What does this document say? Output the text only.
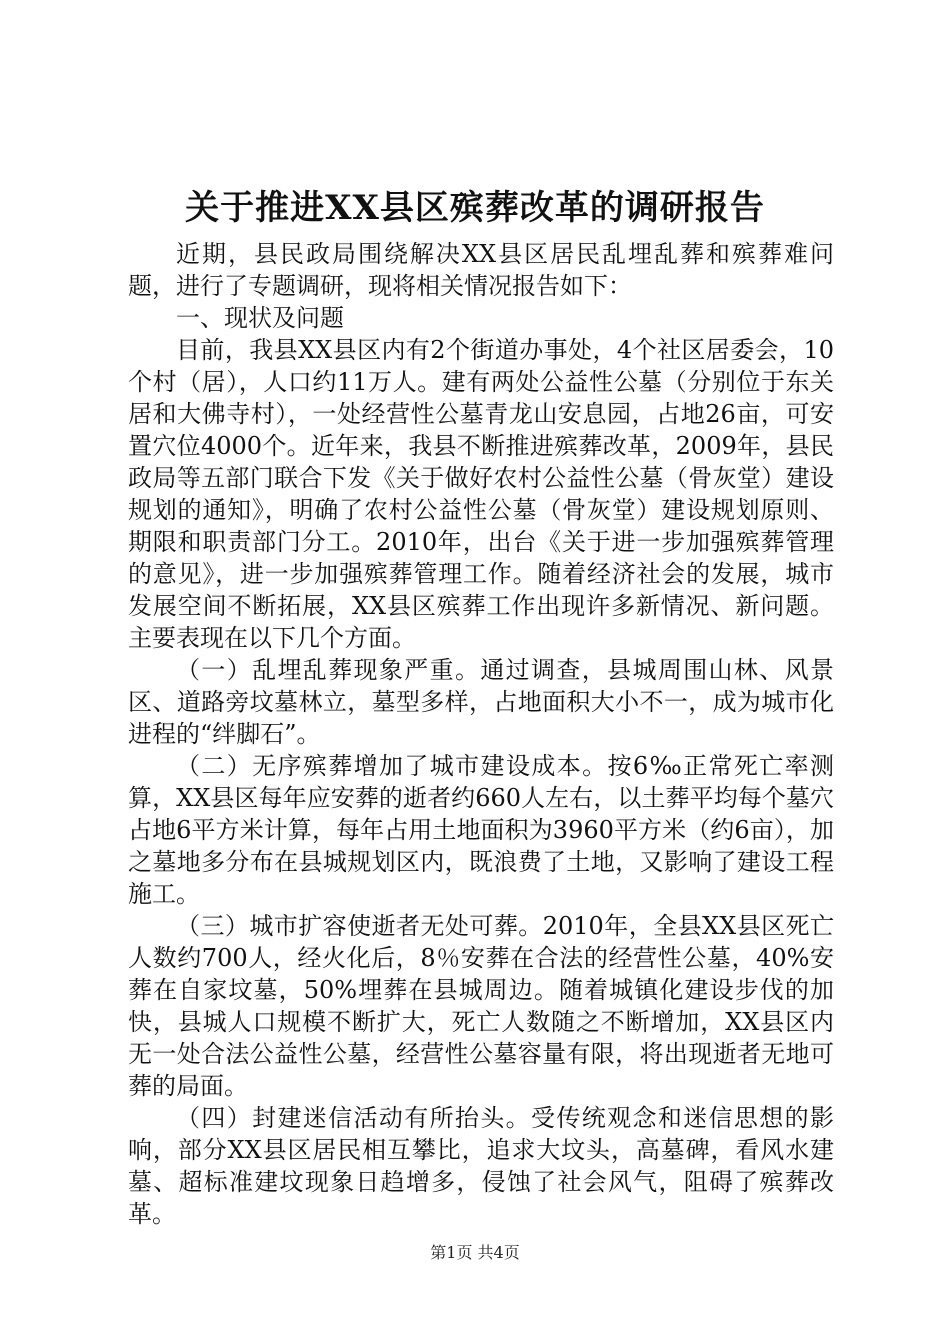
关于推进XX县区殡葬改革的调研报告

近期，县民政局围绕解决XX县区居民乱埋乱葬和殡葬难问题，进行了专题调研，现将相关情况报告如下：

一、现状及问题

目前，我县XX县区内有2个街道办事处，4个社区居委会，10个村（居），人口约11万人。建有两处公益性公墓（分别位于东关居和大佛寺村），一处经营性公墓青龙山安息园，占地26亩，可安置穴位4000个。近年来，我县不断推进殡葬改革，2009年，县民政局等五部门联合下发《关于做好农村公益性公墓（骨灰堂）建设规划的通知》，明确了农村公益性公墓（骨灰堂）建设规划原则、期限和职责部门分工。2010年，出台《关于进一步加强殡葬管理的意见》，进一步加强殡葬管理工作。随着经济社会的发展，城市发展空间不断拓展，XX县区殡葬工作出现许多新情况、新问题。主要表现在以下几个方面。

（一）乱埋乱葬现象严重。通过调查，县城周围山林、风景区、道路旁坟墓林立，墓型多样，占地面积大小不一，成为城市化进程的“绊脚石”。

（二）无序殡葬增加了城市建设成本。按6‰正常死亡率测算，XX县区每年应安葬的逝者约660人左右，以土葬平均每个墓穴占地6平方米计算，每年占用土地面积为3960平方米（约6亩），加之墓地多分布在县城规划区内，既浪费了土地，又影响了建设工程施工。

（三）城市扩容使逝者无处可葬。2010年，全县XX县区死亡人数约700人，经火化后，8％安葬在合法的经营性公墓，40%安葬在自家坟墓，50%埋葬在县城周边。随着城镇化建设步伐的加快，县城人口规模不断扩大，死亡人数随之不断增加，XX县区内无一处合法公益性公墓，经营性公墓容量有限，将出现逝者无地可葬的局面。

（四）封建迷信活动有所抬头。受传统观念和迷信思想的影响，部分XX县区居民相互攀比，追求大坟头，高墓碑，看风水建墓、超标准建坟现象日趋增多，侵蚀了社会风气，阻碍了殡葬改革。

第1页 共4页
